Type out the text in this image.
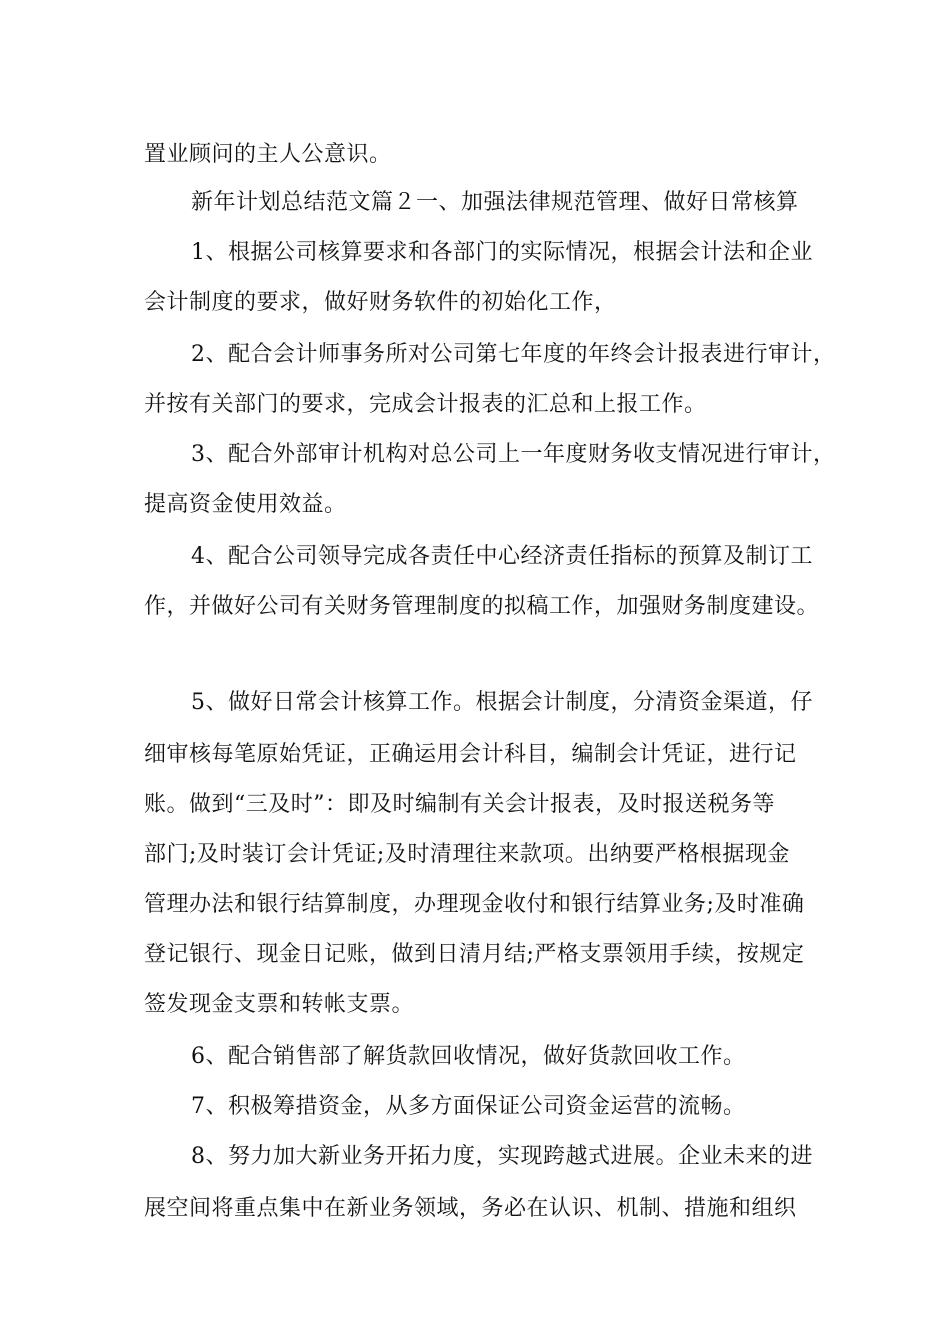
置业顾问的主人公意识。
新年计划总结范文篇２一、加强法律规范管理、做好日常核算
1、根据公司核算要求和各部门的实际情况，根据会计法和企业
会计制度的要求，做好财务软件的初始化工作，
2、配合会计师事务所对公司第七年度的年终会计报表进行审计，
并按有关部门的要求，完成会计报表的汇总和上报工作。
3、配合外部审计机构对总公司上一年度财务收支情况进行审计，
提高资金使用效益。
4、配合公司领导完成各责任中心经济责任指标的预算及制订工
作，并做好公司有关财务管理制度的拟稿工作，加强财务制度建设。
5、做好日常会计核算工作。根据会计制度，分清资金渠道，仔
细审核每笔原始凭证，正确运用会计科目，编制会计凭证，进行记
账。做到“三及时”：即及时编制有关会计报表，及时报送税务等
部门;及时装订会计凭证;及时清理往来款项。出纳要严格根据现金
管理办法和银行结算制度，办理现金收付和银行结算业务;及时准确
登记银行、现金日记账，做到日清月结;严格支票领用手续，按规定
签发现金支票和转帐支票。
6、配合销售部了解货款回收情况，做好货款回收工作。
7、积极筹措资金，从多方面保证公司资金运营的流畅。
8、努力加大新业务开拓力度，实现跨越式进展。企业未来的进
展空间将重点集中在新业务领域，务必在认识、机制、措施和组织
